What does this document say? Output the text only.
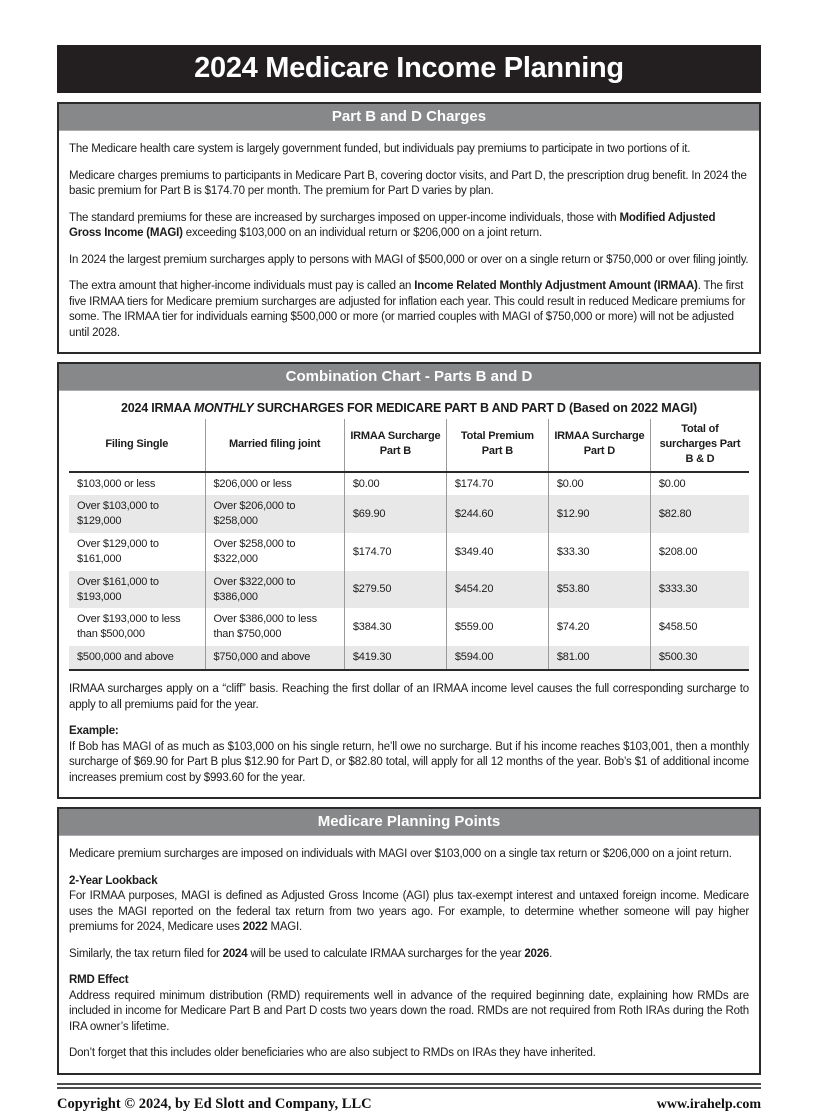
2024 Medicare Income Planning
Part B and D Charges

The Medicare health care system is largely government funded, but individuals pay premiums to participate in two portions of it.

Medicare charges premiums to participants in Medicare Part B, covering doctor visits, and Part D, the prescription drug benefit. In 2024 the basic premium for Part B is $174.70 per month. The premium for Part D varies by plan.

The standard premiums for these are increased by surcharges imposed on upper-income individuals, those with Modified Adjusted Gross Income (MAGI) exceeding $103,000 on an individual return or $206,000 on a joint return.

In 2024 the largest premium surcharges apply to persons with MAGI of $500,000 or over on a single return or $750,000 or over filing jointly.

The extra amount that higher-income individuals must pay is called an Income Related Monthly Adjustment Amount (IRMAA). The first five IRMAA tiers for Medicare premium surcharges are adjusted for inflation each year. This could result in reduced Medicare premiums for some. The IRMAA tier for individuals earning $500,000 or more (or married couples with MAGI of $750,000 or more) will not be adjusted until 2028.

Combination Chart - Parts B and D
2024 IRMAA MONTHLY SURCHARGES FOR MEDICARE PART B AND PART D (Based on 2022 MAGI)
Filing Single	Married filing joint	IRMAA Surcharge Part B	Total Premium Part B	IRMAA Surcharge Part D	Total of surcharges Part B & D
$103,000 or less	$206,000 or less	$0.00	$174.70	$0.00	$0.00
Over $103,000 to $129,000	Over $206,000 to $258,000	$69.90	$244.60	$12.90	$82.80
Over $129,000 to $161,000	Over $258,000 to $322,000	$174.70	$349.40	$33.30	$208.00
Over $161,000 to $193,000	Over $322,000 to $386,000	$279.50	$454.20	$53.80	$333.30
Over $193,000 to less than $500,000	Over $386,000 to less than $750,000	$384.30	$559.00	$74.20	$458.50
$500,000 and above	$750,000 and above	$419.30	$594.00	$81.00	$500.30

IRMAA surcharges apply on a “cliff” basis. Reaching the first dollar of an IRMAA income level causes the full corresponding surcharge to apply to all premiums paid for the year.

Example:
If Bob has MAGI of as much as $103,000 on his single return, he’ll owe no surcharge. But if his income reaches $103,001, then a monthly surcharge of $69.90 for Part B plus $12.90 for Part D, or $82.80 total, will apply for all 12 months of the year. Bob’s $1 of additional income increases premium cost by $993.60 for the year.

Medicare Planning Points

Medicare premium surcharges are imposed on individuals with MAGI over $103,000 on a single tax return or $206,000 on a joint return.

2-Year Lookback
For IRMAA purposes, MAGI is defined as Adjusted Gross Income (AGI) plus tax-exempt interest and untaxed foreign income. Medicare uses the MAGI reported on the federal tax return from two years ago. For example, to determine whether someone will pay higher premiums for 2024, Medicare uses 2022 MAGI.

Similarly, the tax return filed for 2024 will be used to calculate IRMAA surcharges for the year 2026.

RMD Effect
Address required minimum distribution (RMD) requirements well in advance of the required beginning date, explaining how RMDs are included in income for Medicare Part B and Part D costs two years down the road. RMDs are not required from Roth IRAs during the Roth IRA owner’s lifetime.

Don’t forget that this includes older beneficiaries who are also subject to RMDs on IRAs they have inherited.

Copyright © 2024, by Ed Slott and Company, LLC	www.irahelp.com
